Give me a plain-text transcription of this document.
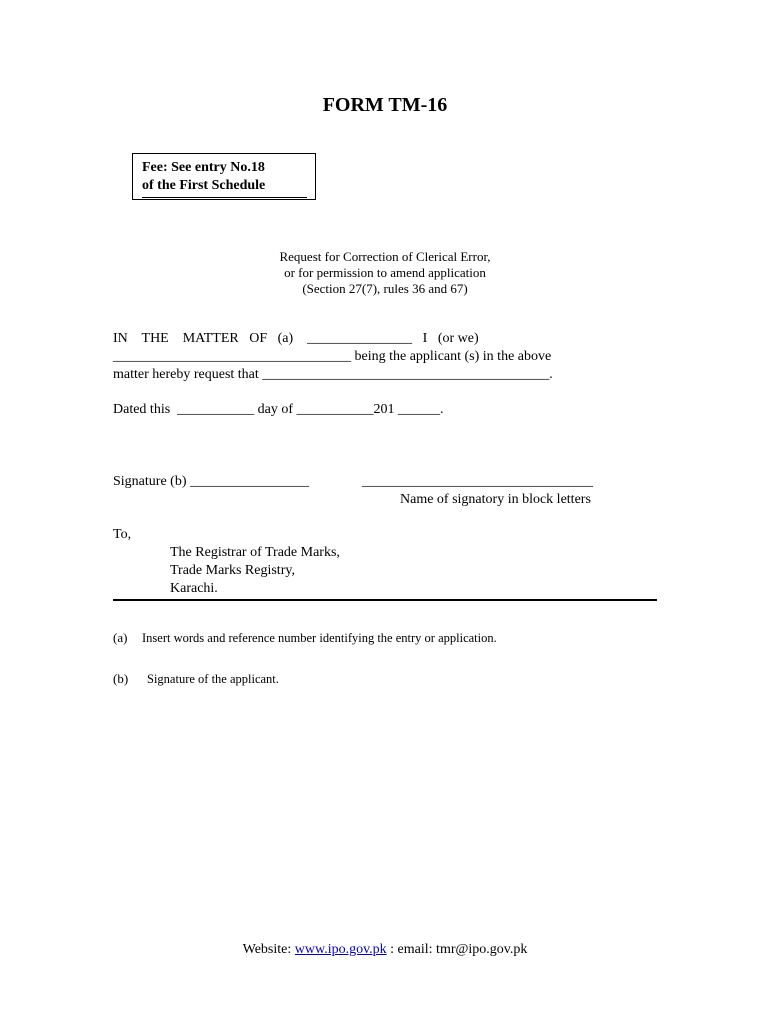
FORM TM-16
Fee: See entry No.18
of the First Schedule
Request for Correction of Clerical Error,
or for permission to amend application
(Section 27(7), rules 36 and 67)
IN    THE    MATTER   OF   (a)    _______________   I   (or we)
__________________________________ being the applicant (s) in the above
matter hereby request that _________________________________________.
Dated this  ___________ day of ___________201 ______.
Signature (b) _________________	_________________________________
Name of signatory in block letters
To,
The Registrar of Trade Marks,
Trade Marks Registry,
Karachi.
(a) Insert words and reference number identifying the entry or application.
(b) Signature of the applicant.
Website: www.ipo.gov.pk : email: tmr@ipo.gov.pk
